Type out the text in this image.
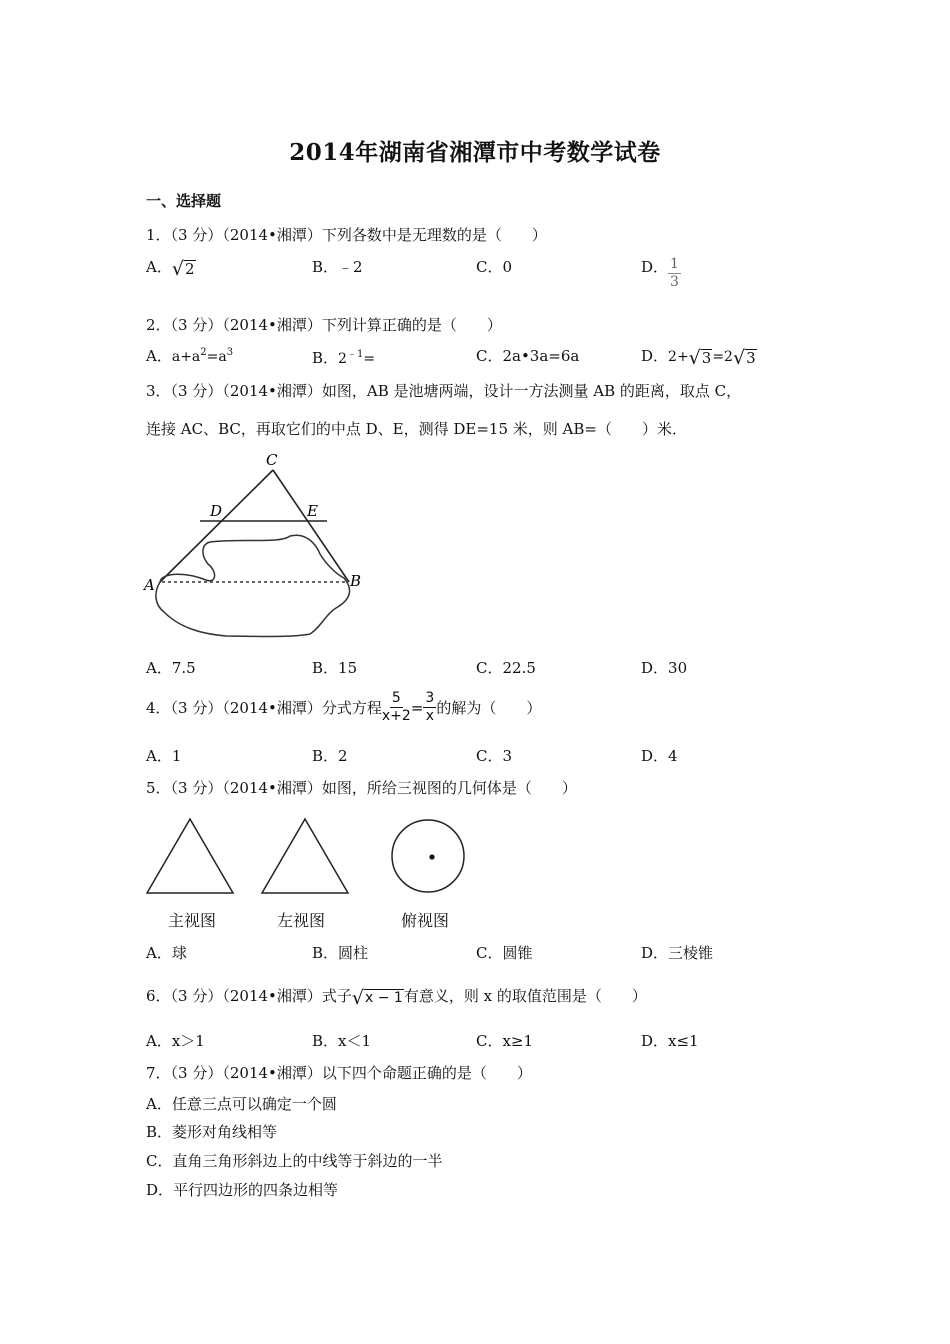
2014年湖南省湘潭市中考数学试卷
一、选择题
1．（3 分）（2014•湘潭）下列各数中是无理数的是（　　）
A． √ 2	B．﹣2	C．0	D． $\frac{1}{3}$
2．（3 分）（2014•湘潭）下列计算正确的是（　　）
A．$a+a^2=a^3$	B．$2^{﹣1}=$	C．2a•3a=6a	D．2+ √ 3 =2 √ 3
3．（3 分）（2014•湘潭）如图，AB 是池塘两端，设计一方法测量 AB 的距离，取点 C，
连接 AC、BC，再取它们的中点 D、E，测得 DE=15 米，则 AB=（　　）米．
C
D	E
A	B
A．7.5	B．15	C．22.5	D．30
4．（3 分）（2014•湘潭）分式方程 $\frac{5}{x+2} = \frac{3}{x}$ 的解为（　　）
A．1	B．2	C．3	D．4
5．（3 分）（2014•湘潭）如图，所给三视图的几何体是（　　）
主视图	左视图	俯视图
A．球	B．圆柱	C．圆锥	D．三棱锥
6．（3 分）（2014•湘潭）式子 √ x − 1 有意义，则 x 的取值范围是（　　）
A．x＞1	B．x＜1	C．x≥1	D．x≤1
7．（3 分）（2014•湘潭）以下四个命题正确的是（　　）
A．任意三点可以确定一个圆
B．菱形对角线相等
C．直角三角形斜边上的中线等于斜边的一半
D．平行四边形的四条边相等
